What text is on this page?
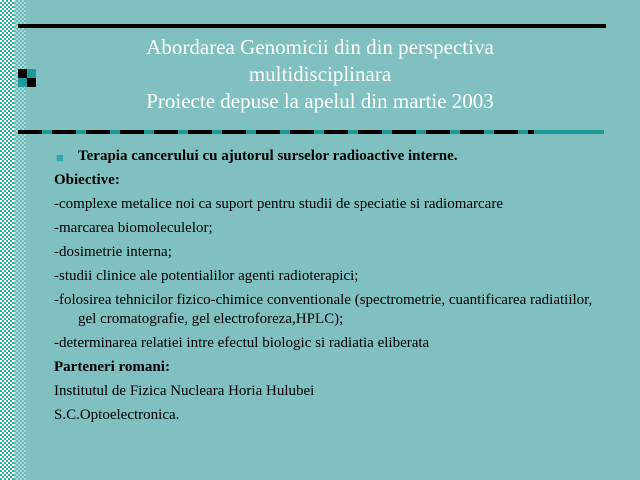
Abordarea Genomicii din din perspectiva
multidisciplinara
Proiecte depuse la apelul din martie 2003
■ Terapia cancerului cu ajutorul surselor radioactive interne.
Obiective:
-complexe metalice noi ca suport pentru studii de speciatie si radiomarcare
-marcarea biomoleculelor;
-dosimetrie interna;
-studii clinice ale potentialilor agenti radioterapici;
-folosirea tehnicilor fizico-chimice conventionale (spectrometrie, cuantificarea radiatiilor, gel cromatografie, gel electroforeza,HPLC);
-determinarea relatiei intre efectul biologic si radiatia eliberata
Parteneri romani:
Institutul de Fizica Nucleara Horia Hulubei
S.C.Optoelectronica.
